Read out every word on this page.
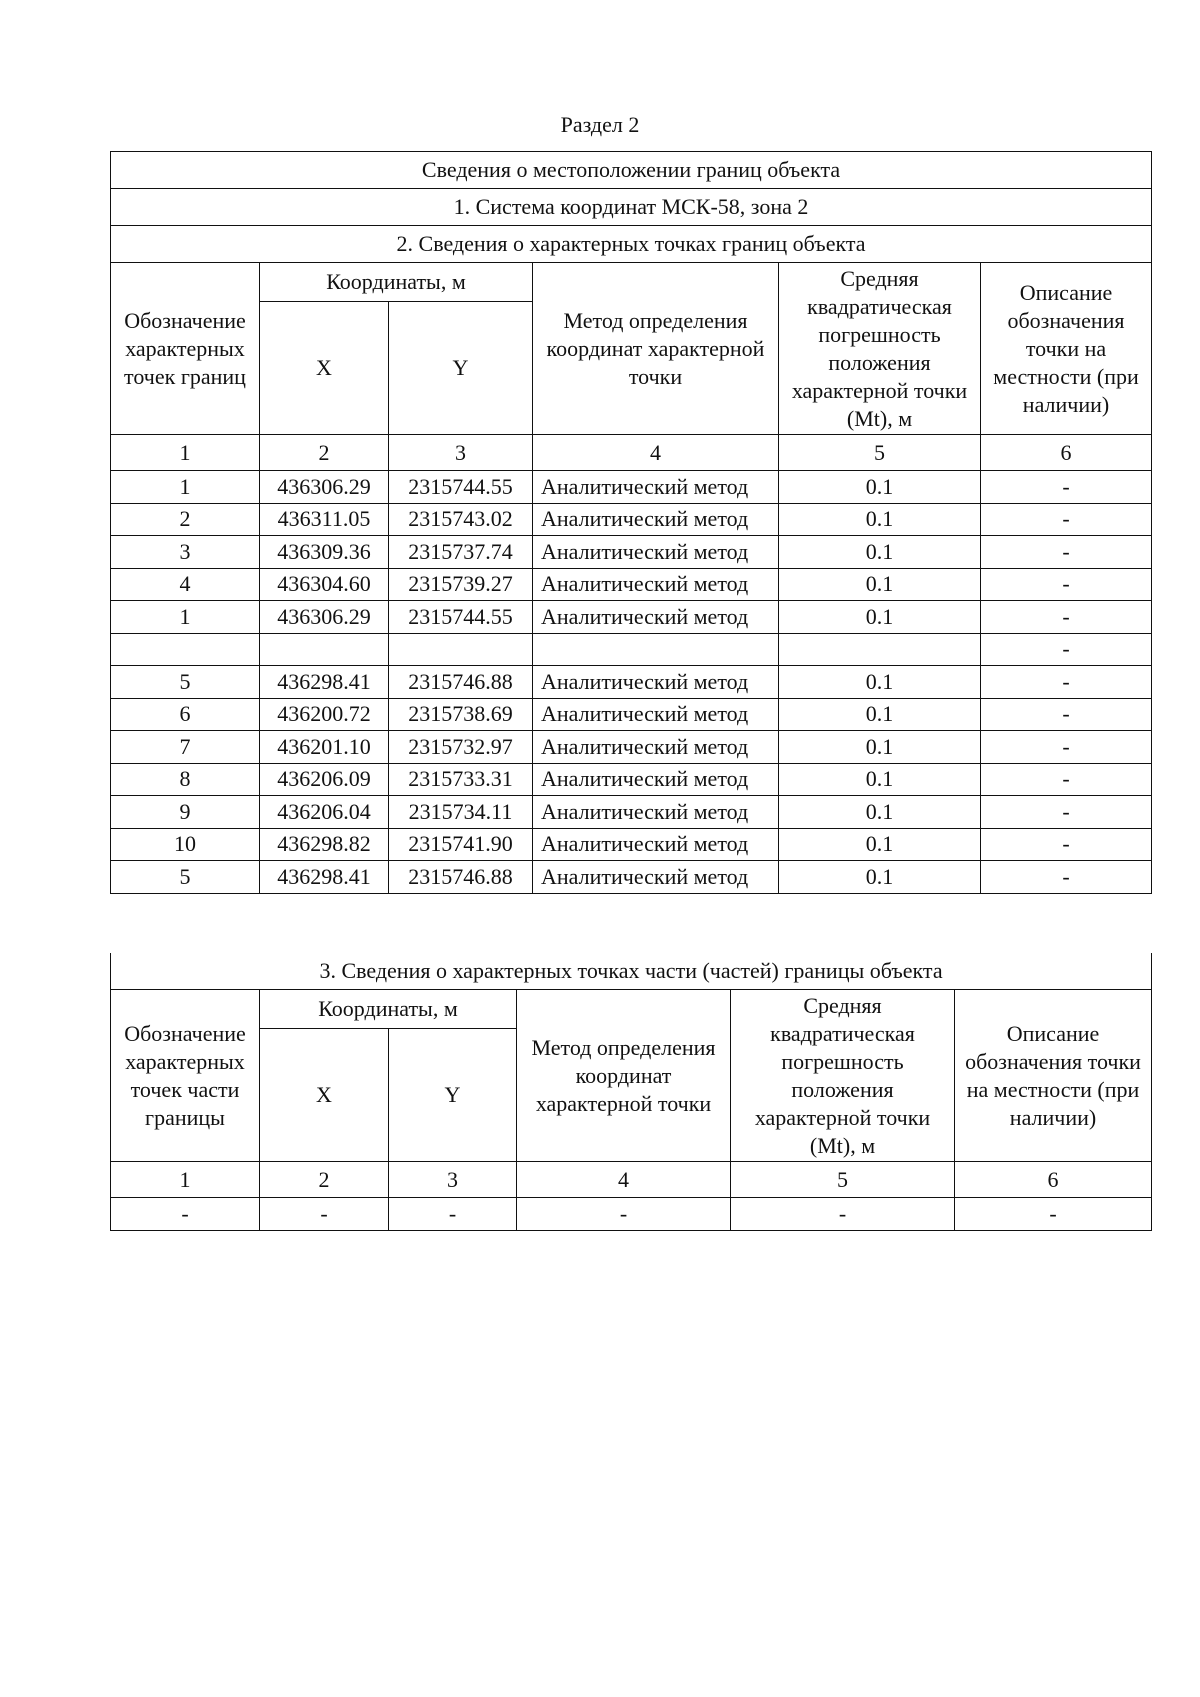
Раздел 2
Сведения о местоположении границ объекта					
1. Система координат МСК-58, зона 2					
2. Сведения о характерных точках границ объекта					
Обозначение характерных точек границ	Координаты, м		Метод определения координат характерной точки	Средняя квадратическая погрешность положения характерной точки (Mt), м	Описание обозначения точки на местности (при наличии)
	X	Y			
1	2	3	4	5	6
1	436306.29	2315744.55	Аналитический метод	0.1	-
2	436311.05	2315743.02	Аналитический метод	0.1	-
3	436309.36	2315737.74	Аналитический метод	0.1	-
4	436304.60	2315739.27	Аналитический метод	0.1	-
1	436306.29	2315744.55	Аналитический метод	0.1	-
					-
5	436298.41	2315746.88	Аналитический метод	0.1	-
6	436200.72	2315738.69	Аналитический метод	0.1	-
7	436201.10	2315732.97	Аналитический метод	0.1	-
8	436206.09	2315733.31	Аналитический метод	0.1	-
9	436206.04	2315734.11	Аналитический метод	0.1	-
10	436298.82	2315741.90	Аналитический метод	0.1	-
5	436298.41	2315746.88	Аналитический метод	0.1	-
3. Сведения о характерных точках части (частей) границы объекта					
Обозначение характерных точек части границы	Координаты, м		Метод определения координат характерной точки	Средняя квадратическая погрешность положения характерной точки (Mt), м	Описание обозначения точки на местности (при наличии)
	X	Y			
1	2	3	4	5	6
-	-	-	-	-	-
